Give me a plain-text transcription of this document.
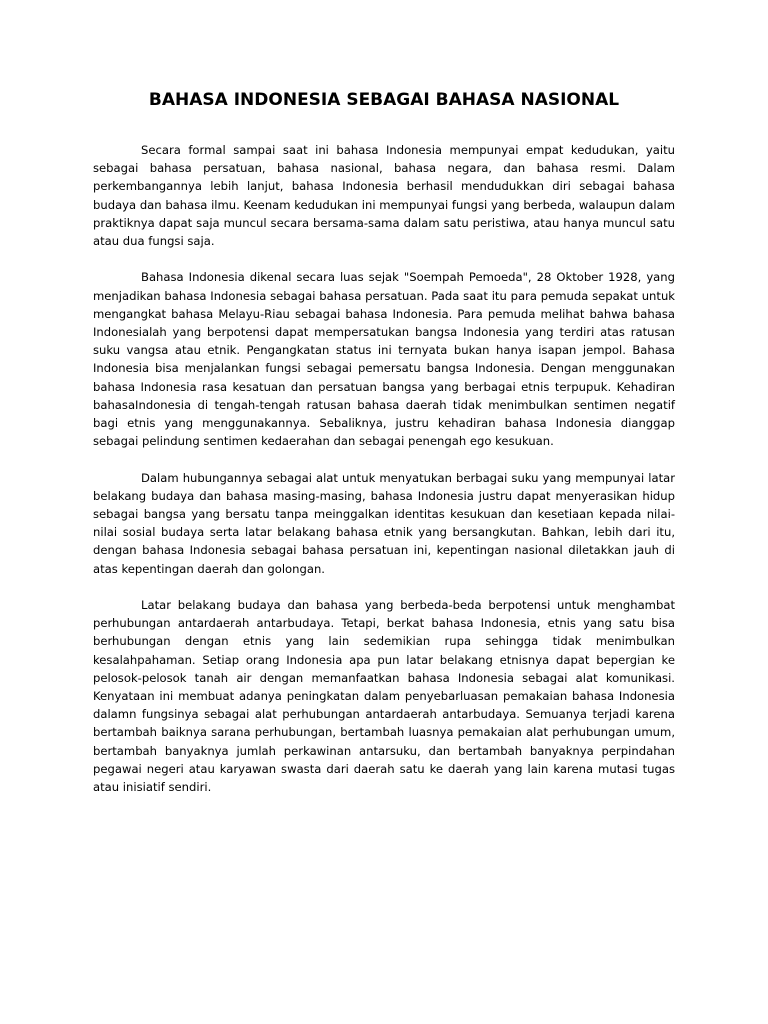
BAHASA INDONESIA SEBAGAI BAHASA NASIONAL

Secara formal sampai saat ini bahasa Indonesia mempunyai empat kedudukan, yaitu sebagai bahasa persatuan, bahasa nasional, bahasa negara, dan bahasa resmi. Dalam perkembangannya lebih lanjut, bahasa Indonesia berhasil mendudukkan diri sebagai bahasa budaya dan bahasa ilmu. Keenam kedudukan ini mempunyai fungsi yang berbeda, walaupun dalam praktiknya dapat saja muncul secara bersama-sama dalam satu peristiwa, atau hanya muncul satu atau dua fungsi saja.

Bahasa Indonesia dikenal secara luas sejak "Soempah Pemoeda", 28 Oktober 1928, yang menjadikan bahasa Indonesia sebagai bahasa persatuan. Pada saat itu para pemuda sepakat untuk mengangkat bahasa Melayu-Riau sebagai bahasa Indonesia. Para pemuda melihat bahwa bahasa Indonesialah yang berpotensi dapat mempersatukan bangsa Indonesia yang terdiri atas ratusan suku vangsa atau etnik. Pengangkatan status ini ternyata bukan hanya isapan jempol. Bahasa Indonesia bisa menjalankan fungsi sebagai pemersatu bangsa Indonesia. Dengan menggunakan bahasa Indonesia rasa kesatuan dan persatuan bangsa yang berbagai etnis terpupuk. Kehadiran bahasaIndonesia di tengah-tengah ratusan bahasa daerah tidak menimbulkan sentimen negatif bagi etnis yang menggunakannya. Sebaliknya, justru kehadiran bahasa Indonesia dianggap sebagai pelindung sentimen kedaerahan dan sebagai penengah ego kesukuan.

Dalam hubungannya sebagai alat untuk menyatukan berbagai suku yang mempunyai latar belakang budaya dan bahasa masing-masing, bahasa Indonesia justru dapat menyerasikan hidup sebagai bangsa yang bersatu tanpa meinggalkan identitas kesukuan dan kesetiaan kepada nilai-nilai sosial budaya serta latar belakang bahasa etnik yang bersangkutan. Bahkan, lebih dari itu, dengan bahasa Indonesia sebagai bahasa persatuan ini, kepentingan nasional diletakkan jauh di atas kepentingan daerah dan golongan.

Latar belakang budaya dan bahasa yang berbeda-beda berpotensi untuk menghambat perhubungan antardaerah antarbudaya. Tetapi, berkat bahasa Indonesia, etnis yang satu bisa berhubungan dengan etnis yang lain sedemikian rupa sehingga tidak menimbulkan kesalahpahaman. Setiap orang Indonesia apa pun latar belakang etnisnya dapat bepergian ke pelosok-pelosok tanah air dengan memanfaatkan bahasa Indonesia sebagai alat komunikasi. Kenyataan ini membuat adanya peningkatan dalam penyebarluasan pemakaian bahasa Indonesia dalamn fungsinya sebagai alat perhubungan antardaerah antarbudaya. Semuanya terjadi karena bertambah baiknya sarana perhubungan, bertambah luasnya pemakaian alat perhubungan umum, bertambah banyaknya jumlah perkawinan antarsuku, dan bertambah banyaknya perpindahan pegawai negeri atau karyawan swasta dari daerah satu ke daerah yang lain karena mutasi tugas atau inisiatif sendiri.
